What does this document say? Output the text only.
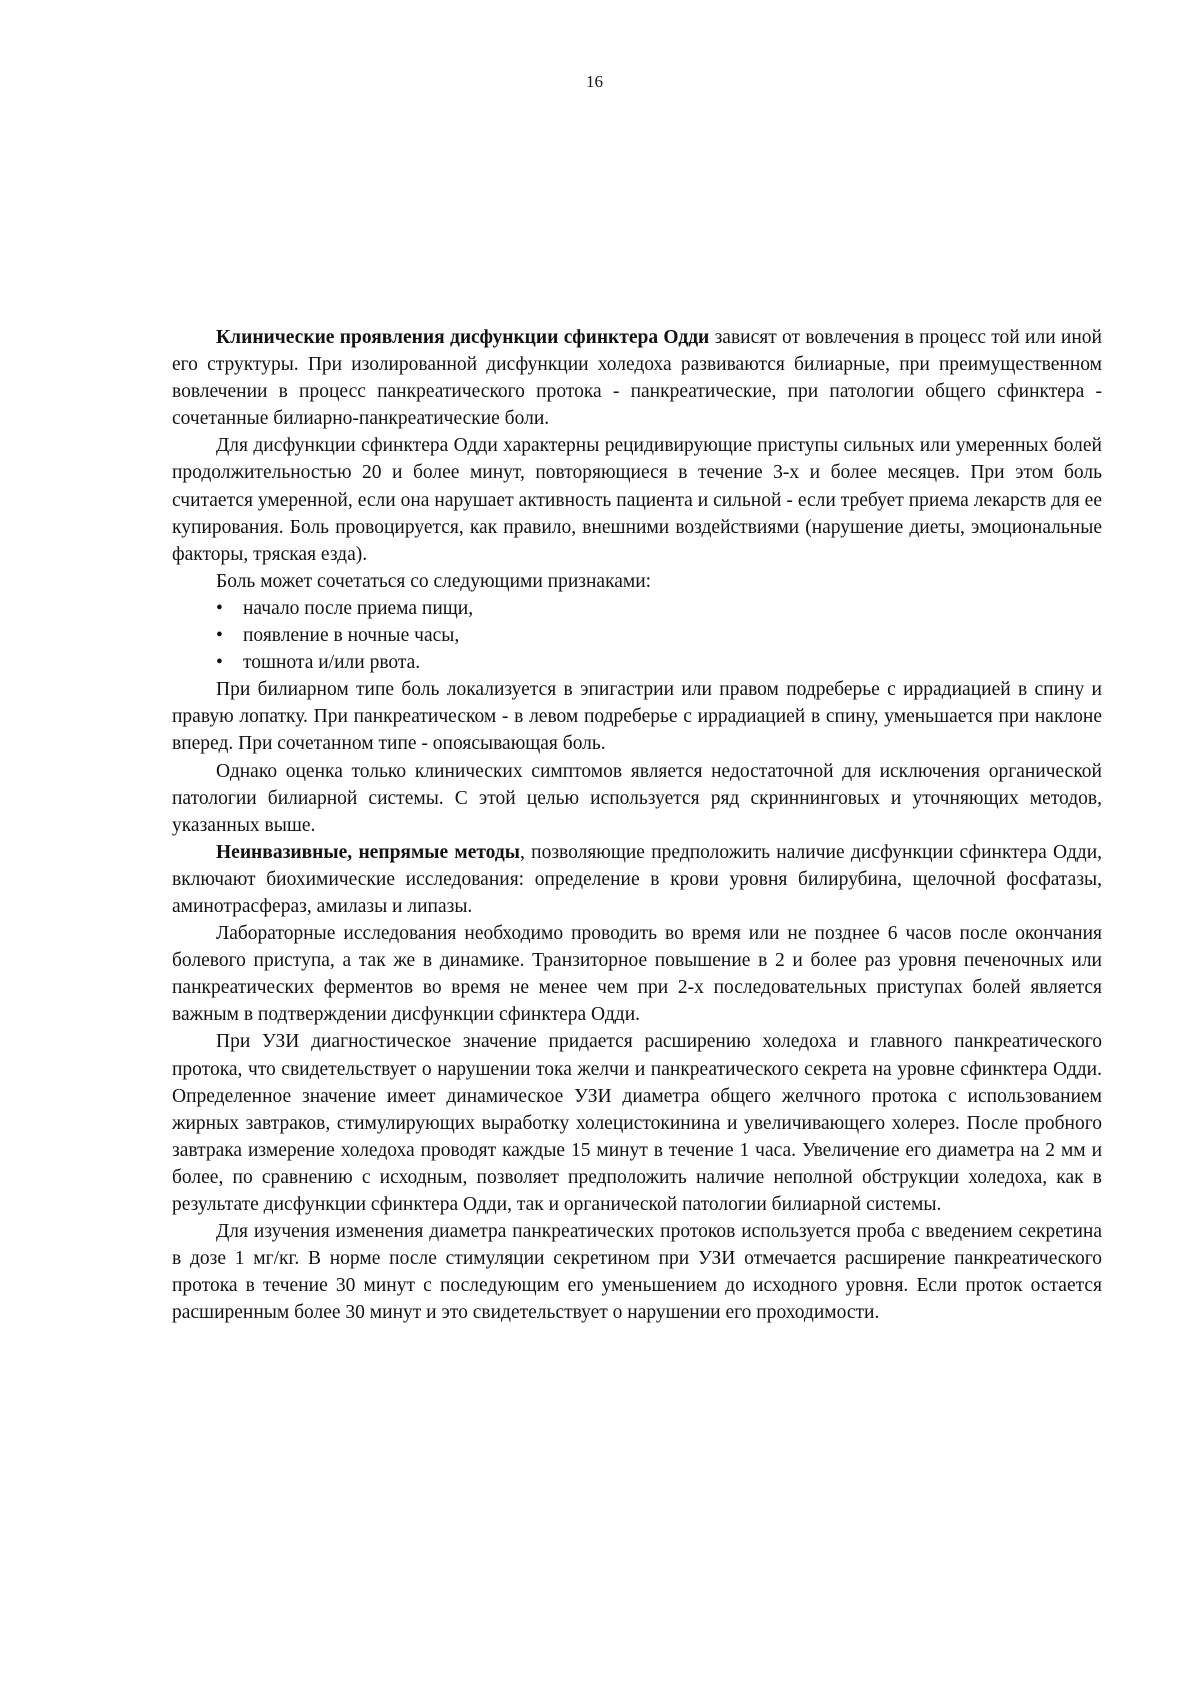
16

Клинические проявления дисфункции сфинктера Одди зависят от вовлечения в процесс той или иной его структуры. При изолированной дисфункции холедоха развиваются билиарные, при преимущественном вовлечении в процесс панкреатического протока - панкреатические, при патологии общего сфинктера - сочетанные билиарно-панкреатические боли.

Для дисфункции сфинктера Одди характерны рецидивирующие приступы сильных или умеренных болей продолжительностью 20 и более минут, повторяющиеся в течение 3-х и более месяцев. При этом боль считается умеренной, если она нарушает активность пациента и сильной - если требует приема лекарств для ее купирования. Боль провоцируется, как правило, внешними воздействиями (нарушение диеты, эмоциональные факторы, тряская езда).

Боль может сочетаться со следующими признаками:

• начало после приема пищи,
• появление в ночные часы,
• тошнота и/или рвота.

При билиарном типе боль локализуется в эпигастрии или правом подреберье с иррадиацией в спину и правую лопатку. При панкреатическом - в левом подреберье с иррадиацией в спину, уменьшается при наклоне вперед. При сочетанном типе - опоясывающая боль.

Однако оценка только клинических симптомов является недостаточной для исключения органической патологии билиарной системы. С этой целью используется ряд скриннинговых и уточняющих методов, указанных выше.

Неинвазивные, непрямые методы, позволяющие предположить наличие дисфункции сфинктера Одди, включают биохимические исследования: определение в крови уровня билирубина, щелочной фосфатазы, аминотрасфераз, амилазы и липазы.

Лабораторные исследования необходимо проводить во время или не позднее 6 часов после окончания болевого приступа, а так же в динамике. Транзиторное повышение в 2 и более раз уровня печеночных или панкреатических ферментов во время не менее чем при 2-х последовательных приступах болей является важным в подтверждении дисфункции сфинктера Одди.

При УЗИ диагностическое значение придается расширению холедоха и главного панкреатического протока, что свидетельствует о нарушении тока желчи и панкреатического секрета на уровне сфинктера Одди. Определенное значение имеет динамическое УЗИ диаметра общего желчного протока с использованием жирных завтраков, стимулирующих выработку холецистокинина и увеличивающего холерез. После пробного завтрака измерение холедоха проводят каждые 15 минут в течение 1 часа. Увеличение его диаметра на 2 мм и более, по сравнению с исходным, позволяет предположить наличие неполной обструкции холедоха, как в результате дисфункции сфинктера Одди, так и органической патологии билиарной системы.

Для изучения изменения диаметра панкреатических протоков используется проба с введением секретина в дозе 1 мг/кг. В норме после стимуляции секретином при УЗИ отмечается расширение панкреатического протока в течение 30 минут с последующим его уменьшением до исходного уровня. Если проток остается расширенным более 30 минут и это свидетельствует о нарушении его проходимости.
